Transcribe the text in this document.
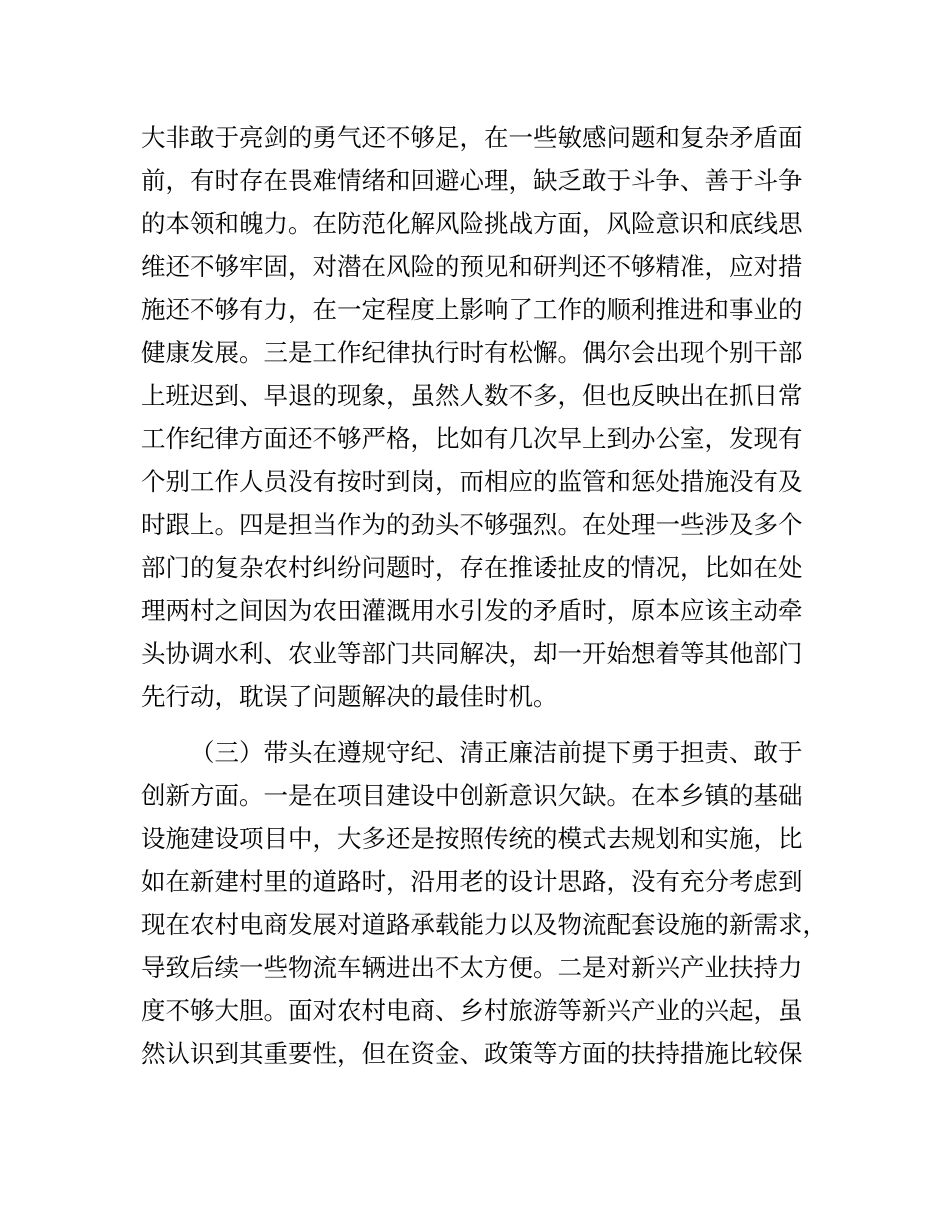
大非敢于亮剑的勇气还不够足，在一些敏感问题和复杂矛盾面
前，有时存在畏难情绪和回避心理，缺乏敢于斗争、善于斗争
的本领和魄力。在防范化解风险挑战方面，风险意识和底线思
维还不够牢固，对潜在风险的预见和研判还不够精准，应对措
施还不够有力，在一定程度上影响了工作的顺利推进和事业的
健康发展。三是工作纪律执行时有松懈。偶尔会出现个别干部
上班迟到、早退的现象，虽然人数不多，但也反映出在抓日常
工作纪律方面还不够严格，比如有几次早上到办公室，发现有
个别工作人员没有按时到岗，而相应的监管和惩处措施没有及
时跟上。四是担当作为的劲头不够强烈。在处理一些涉及多个
部门的复杂农村纠纷问题时，存在推诿扯皮的情况，比如在处
理两村之间因为农田灌溉用水引发的矛盾时，原本应该主动牵
头协调水利、农业等部门共同解决，却一开始想着等其他部门
先行动，耽误了问题解决的最佳时机。
（三）带头在遵规守纪、清正廉洁前提下勇于担责、敢于
创新方面。一是在项目建设中创新意识欠缺。在本乡镇的基础
设施建设项目中，大多还是按照传统的模式去规划和实施，比
如在新建村里的道路时，沿用老的设计思路，没有充分考虑到
现在农村电商发展对道路承载能力以及物流配套设施的新需求，
导致后续一些物流车辆进出不太方便。二是对新兴产业扶持力
度不够大胆。面对农村电商、乡村旅游等新兴产业的兴起，虽
然认识到其重要性，但在资金、政策等方面的扶持措施比较保
